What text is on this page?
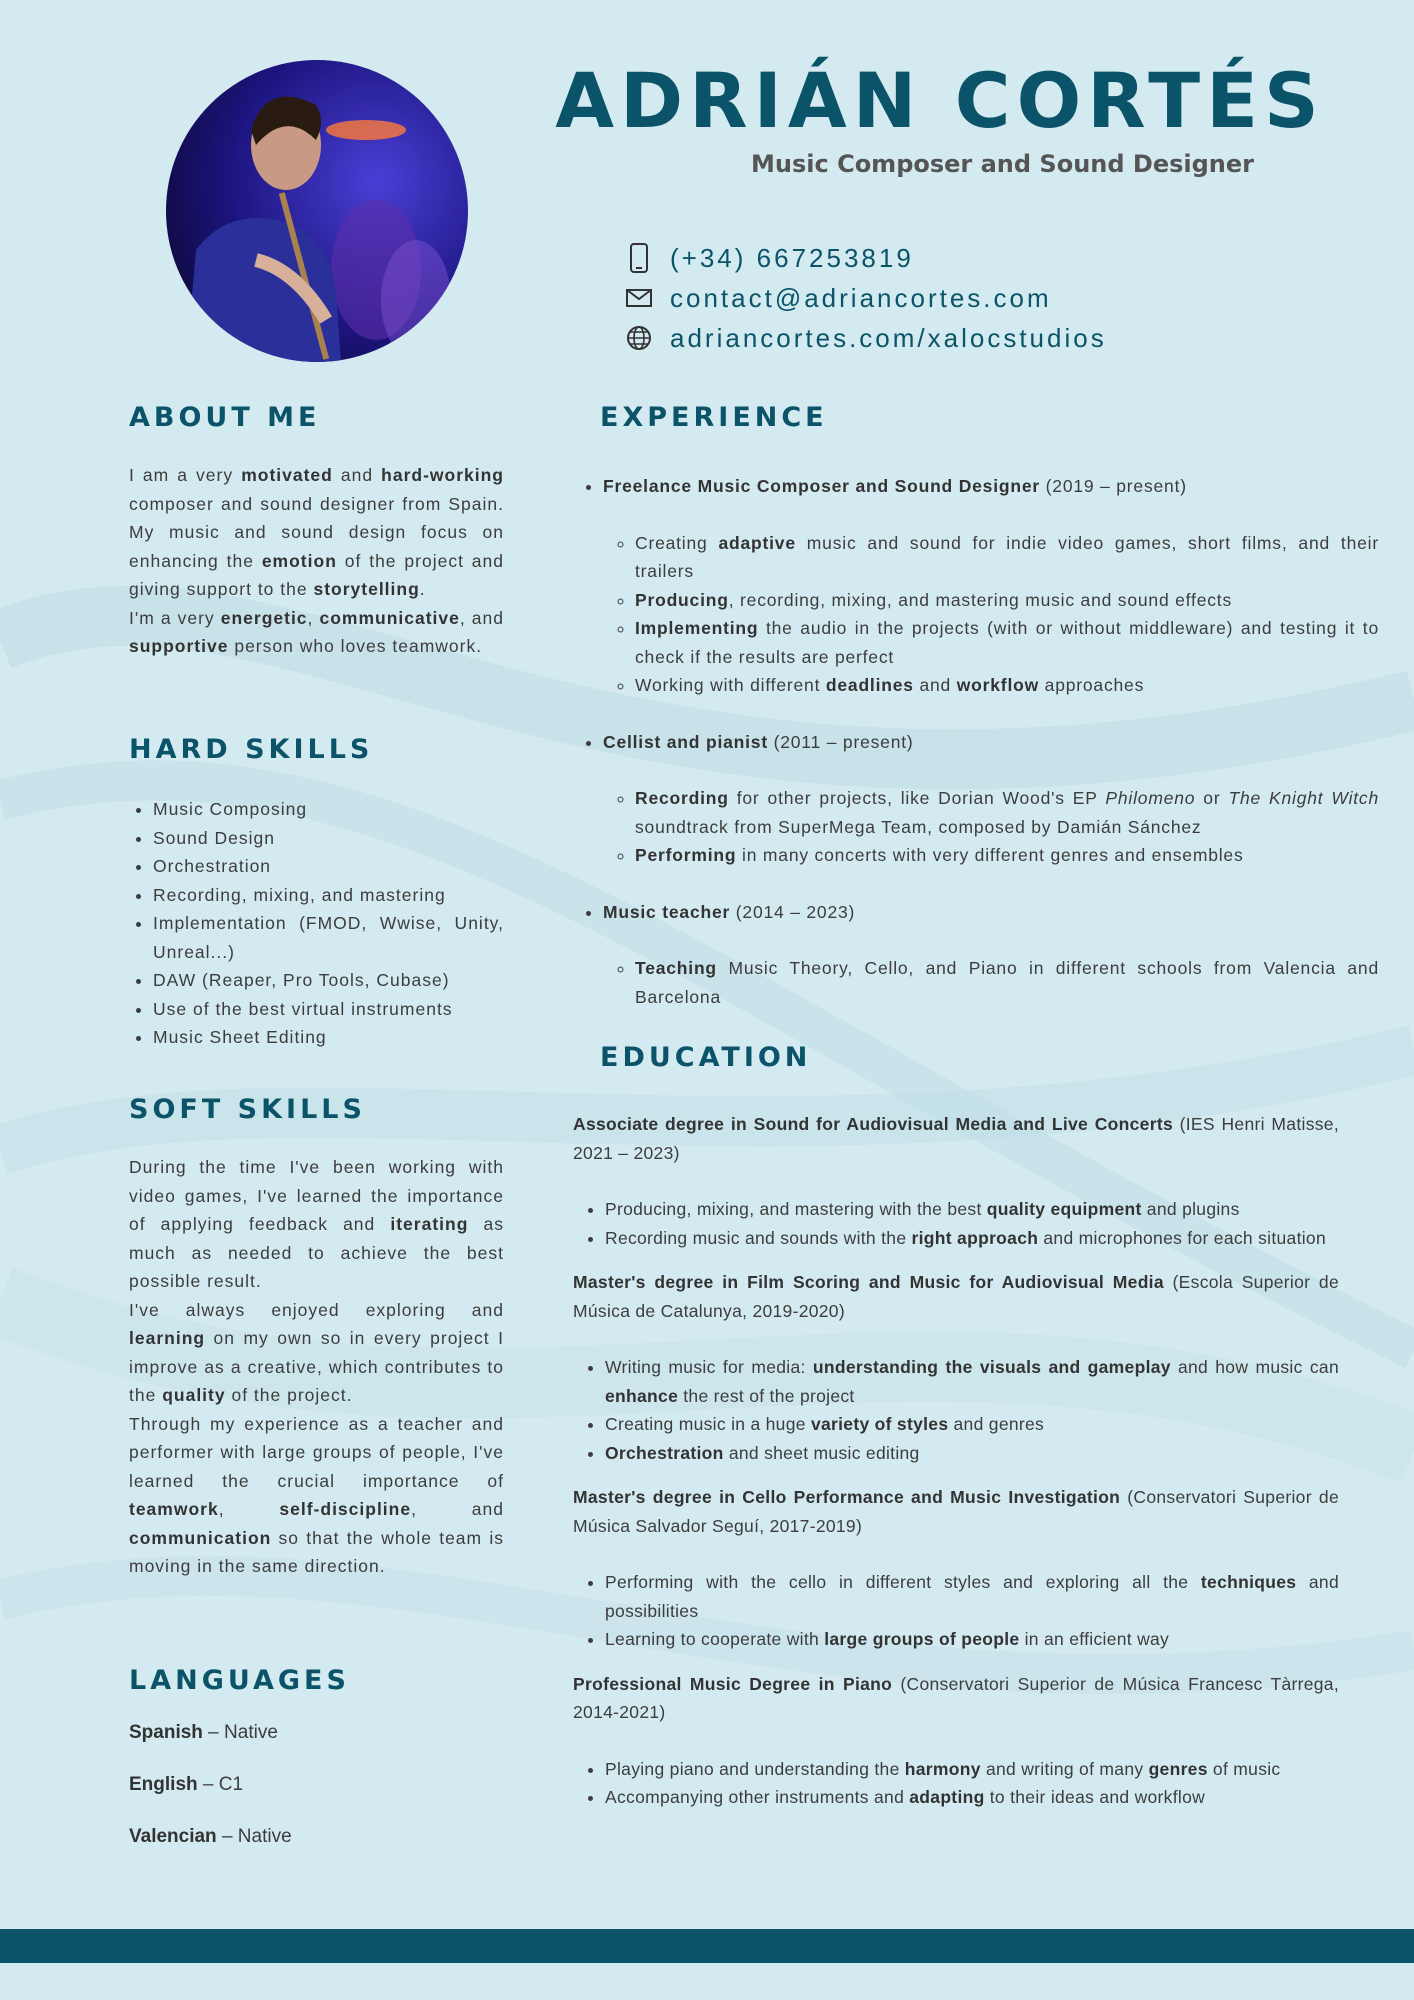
ADRIÁN CORTÉS
Music Composer and Sound Designer
(+34) 667253819
contact@adriancortes.com
adriancortes.com/xalocstudios
ABOUT ME

I am a very motivated and hard-working composer and sound designer from Spain. My music and sound design focus on enhancing the emotion of the project and giving support to the storytelling.

I'm a very energetic, communicative, and supportive person who loves teamwork.

HARD SKILLS
• Music Composing
• Sound Design
• Orchestration
• Recording, mixing, and mastering
• Implementation (FMOD, Wwise, Unity, Unreal...)
• DAW (Reaper, Pro Tools, Cubase)
• Use of the best virtual instruments
• Music Sheet Editing
SOFT SKILLS

During the time I've been working with video games, I've learned the importance of applying feedback and iterating as much as needed to achieve the best possible result.

I've always enjoyed exploring and learning on my own so in every project I improve as a creative, which contributes to the quality of the project.

Through my experience as a teacher and performer with large groups of people, I've learned the crucial importance of teamwork, self-discipline, and communication so that the whole team is moving in the same direction.

LANGUAGES
Spanish – Native
English – C1
Valencian – Native
EXPERIENCE
• Freelance Music Composer and Sound Designer (2019 – present)
◦ Creating adaptive music and sound for indie video games, short films, and their trailers
◦ Producing, recording, mixing, and mastering music and sound effects
◦ Implementing the audio in the projects (with or without middleware) and testing it to check if the results are perfect
◦ Working with different deadlines and workflow approaches
• Cellist and pianist (2011 – present)
◦ Recording for other projects, like Dorian Wood's EP Philomeno or The Knight Witch soundtrack from SuperMega Team, composed by Damián Sánchez
◦ Performing in many concerts with very different genres and ensembles
• Music teacher (2014 – 2023)
◦ Teaching Music Theory, Cello, and Piano in different schools from Valencia and Barcelona
EDUCATION

Associate degree in Sound for Audiovisual Media and Live Concerts (IES Henri Matisse, 2021 – 2023)

• Producing, mixing, and mastering with the best quality equipment and plugins
• Recording music and sounds with the right approach and microphones for each situation

Master's degree in Film Scoring and Music for Audiovisual Media (Escola Superior de Música de Catalunya, 2019-2020)

• Writing music for media: understanding the visuals and gameplay and how music can enhance the rest of the project
• Creating music in a huge variety of styles and genres
• Orchestration and sheet music editing

Master's degree in Cello Performance and Music Investigation (Conservatori Superior de Música Salvador Seguí, 2017-2019)

• Performing with the cello in different styles and exploring all the techniques and possibilities
• Learning to cooperate with large groups of people in an efficient way

Professional Music Degree in Piano (Conservatori Superior de Música Francesc Tàrrega, 2014-2021)

• Playing piano and understanding the harmony and writing of many genres of music
• Accompanying other instruments and adapting to their ideas and workflow
